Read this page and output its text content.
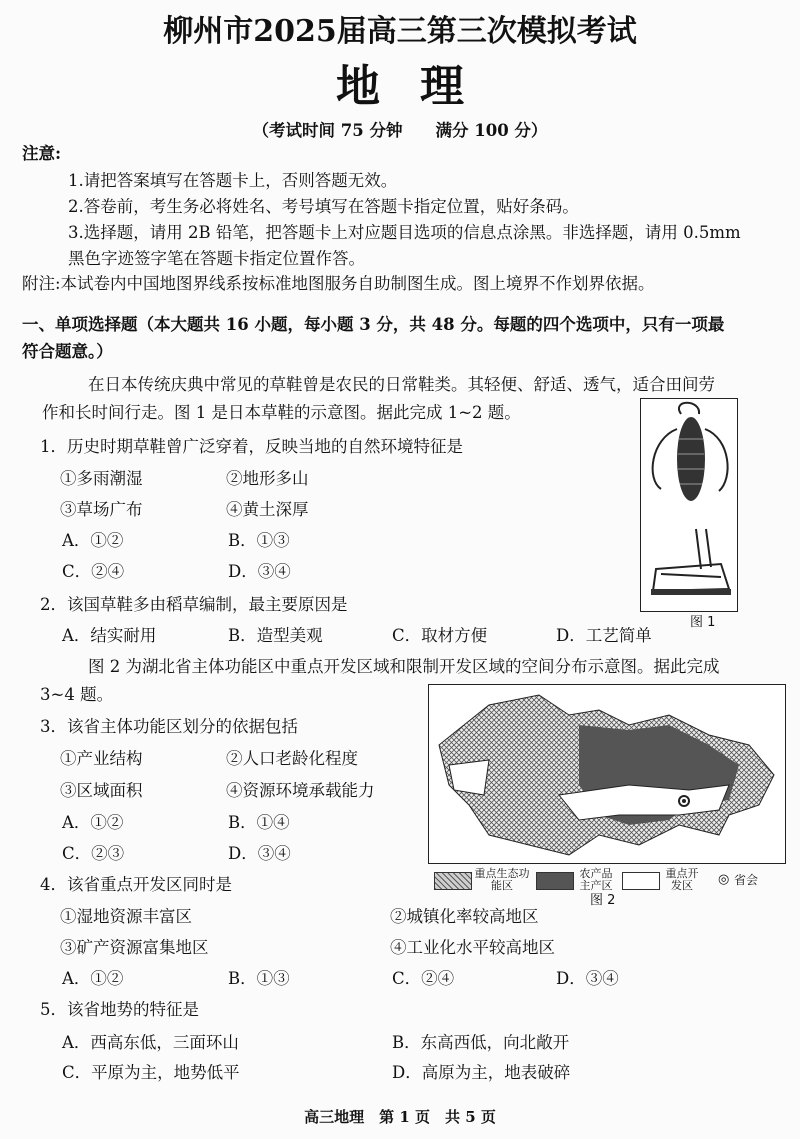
柳州市2025届高三第三次模拟考试
地理
（考试时间 75 分钟　　满分 100 分）
注意:
1.请把答案填写在答题卡上，否则答题无效。
2.答卷前，考生务必将姓名、考号填写在答题卡指定位置，贴好条码。
3.选择题，请用 2B 铅笔，把答题卡上对应题目选项的信息点涂黑。非选择题，请用 0.5mm
黑色字迹签字笔在答题卡指定位置作答。
附注:本试卷内中国地图界线系按标准地图服务自助制图生成。图上境界不作划界依据。
一、单项选择题（本大题共 16 小题，每小题 3 分，共 48 分。每题的四个选项中，只有一项最
符合题意。）
在日本传统庆典中常见的草鞋曾是农民的日常鞋类。其轻便、舒适、透气，适合田间劳
作和长时间行走。图 1 是日本草鞋的示意图。据此完成 1~2 题。
1．历史时期草鞋曾广泛穿着，反映当地的自然环境特征是
①多雨潮湿	②地形多山
③草场广布	④黄土深厚
A．①②	B．①③
C．②④	D．③④
图 1
2．该国草鞋多由稻草编制，最主要原因是
A．结实耐用	B．造型美观	C．取材方便	D．工艺简单
图 2 为湖北省主体功能区中重点开发区域和限制开发区域的空间分布示意图。据此完成
3~4 题。
重点生态功能区
农产品主产区
重点开发区	◎ 省会
图 2
3．该省主体功能区划分的依据包括
①产业结构	②人口老龄化程度
③区域面积	④资源环境承载能力
A．①②	B．①④
C．②③	D．③④
4．该省重点开发区同时是
①湿地资源丰富区	②城镇化率较高地区
③矿产资源富集地区	④工业化水平较高地区
A．①②	B．①③	C．②④	D．③④
5．该省地势的特征是
A．西高东低，三面环山	B．东高西低，向北敞开
C．平原为主，地势低平	D．高原为主，地表破碎
高三地理　第 1 页　共 5 页
